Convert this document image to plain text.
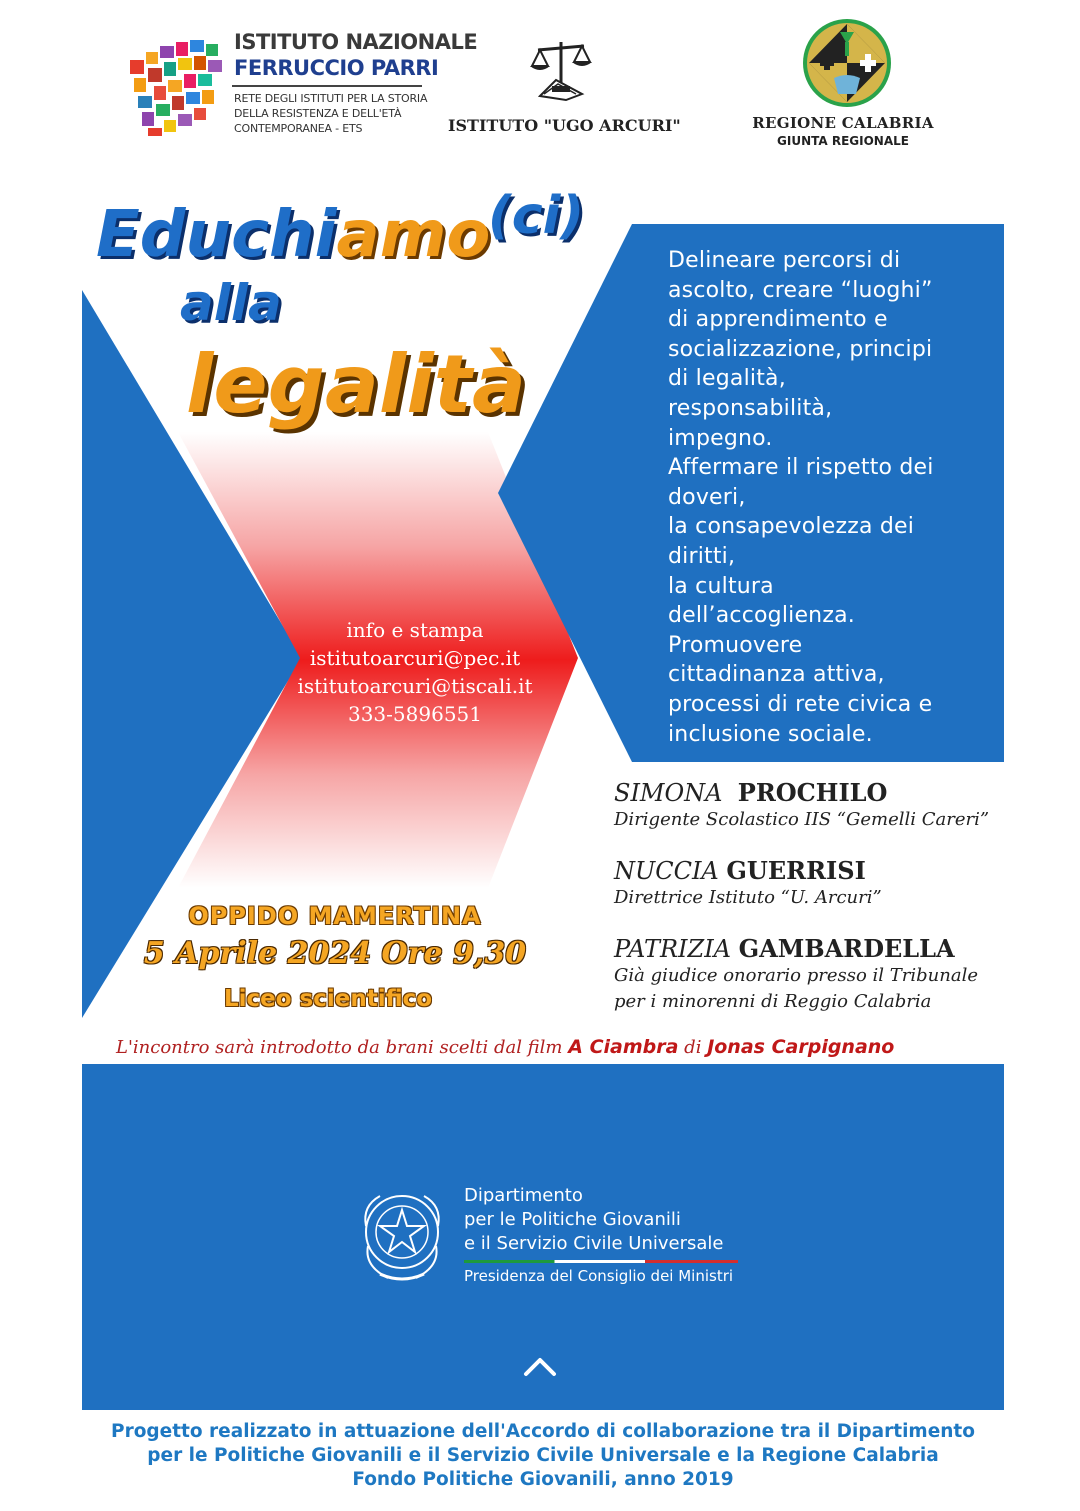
ISTITUTO NAZIONALE
FERRUCCIO PARRI
RETE DEGLI ISTITUTI PER LA STORIA
DELLA RESISTENZA E DELL'ETÀ
CONTEMPORANEA - ETS	ISTITUTO "UGO ARCURI"	REGIONE CALABRIA
GIUNTA REGIONALE
Educhiamo
(ci)
alla
legalità
Delineare percorsi di
ascolto, creare “luoghi”
di apprendimento e
socializzazione, principi
di legalità,
responsabilità,
impegno.
Affermare il rispetto dei
doveri,
la consapevolezza dei
diritti,
la cultura
dell’accoglienza.
Promuovere
cittadinanza attiva,
processi di rete civica e
inclusione sociale.
info e stampa
istitutoarcuri@pec.it
istitutoarcuri@tiscali.it
333-5896551
OPPIDO MAMERTINA
5 Aprile 2024 Ore 9,30
Liceo scientifico
SIMONA PROCHILO
Dirigente Scolastico IIS “Gemelli Careri”
NUCCIA GUERRISI
Direttrice Istituto “U. Arcuri”
PATRIZIA GAMBARDELLA
Già giudice onorario presso il Tribunale
per i minorenni di Reggio Calabria
L'incontro sarà introdotto da brani scelti dal film A Ciambra di Jonas Carpignano
Dipartimento
per le Politiche Giovanili
e il Servizio Civile Universale
Presidenza del Consiglio dei Ministri
Progetto realizzato in attuazione dell'Accordo di collaborazione tra il Dipartimento
per le Politiche Giovanili e il Servizio Civile Universale e la Regione Calabria
Fondo Politiche Giovanili, anno 2019
